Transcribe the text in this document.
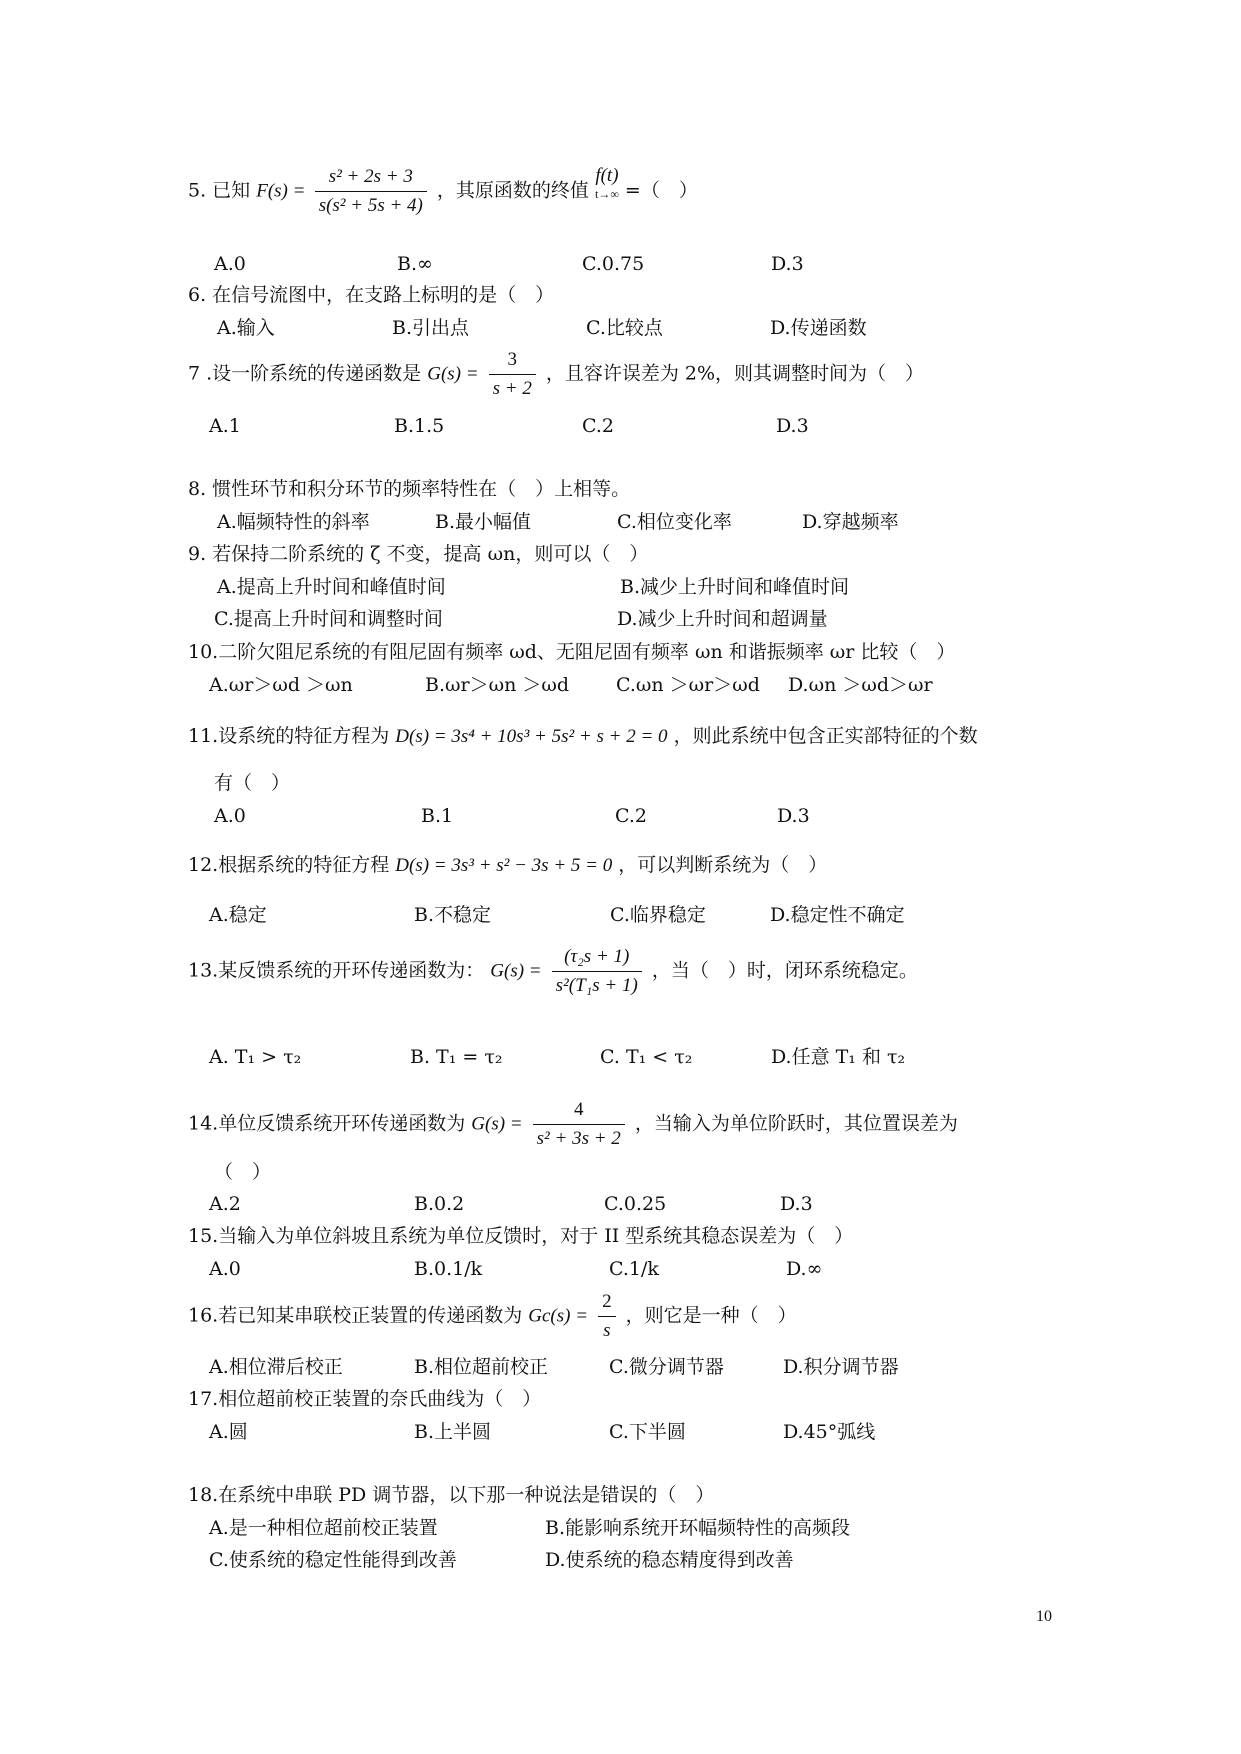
5. 已知 $F(s) = \frac{\text{s² + 2s + 3}}{\text{s(s² + 5s + 4)}}$ ，其原函数的终值 f(t)
t→∞ =（　）
A.0	B.∞	C.0.75	D.3
6. 在信号流图中，在支路上标明的是（　）
A.输入	B.引出点	C.比较点	D.传递函数
7 .设一阶系统的传递函数是 $G(s) = \frac{3}{s + 2}$ ，且容许误差为 2%，则其调整时间为（　）
A.1	B.1.5	C.2	D.3
8. 惯性环节和积分环节的频率特性在（　）上相等。
A.幅频特性的斜率	B.最小幅值	C.相位变化率	D.穿越频率
9. 若保持二阶系统的 ζ 不变，提高 ωn，则可以（　）
A.提高上升时间和峰值时间	B.减少上升时间和峰值时间
C.提高上升时间和调整时间	D.减少上升时间和超调量
10.二阶欠阻尼系统的有阻尼固有频率 ωd、无阻尼固有频率 ωn 和谐振频率 ωr 比较（　）
A.ωr＞ωd ＞ωn	B.ωr＞ωn ＞ωd C.ωn ＞ωr＞ωd D.ωn ＞ωd＞ωr
11.设系统的特征方程为 D(s) = 3s⁴ + 10s³ + 5s² + s + 2 = 0 ，则此系统中包含正实部特征的个数
有（　）
A.0	B.1	C.2	D.3
12.根据系统的特征方程 D(s) = 3s³ + s² − 3s + 5 = 0 ，可以判断系统为（　）
A.稳定	B.不稳定	C.临界稳定	D.稳定性不确定
13.某反馈系统的开环传递函数为： $G(s) = \frac{\text{(τ₂s + 1)}}{\text{s²(T₁s + 1)}}$ ，当（　）时，闭环系统稳定。
A. T₁ > τ₂	B. T₁ = τ₂	C. T₁ < τ₂	D.任意 T₁ 和 τ₂
14.单位反馈系统开环传递函数为 $G(s) = \frac{4}{\text{s² + 3s + 2}}$ ，当输入为单位阶跃时，其位置误差为
（　）
A.2	B.0.2	C.0.25	D.3
15.当输入为单位斜坡且系统为单位反馈时，对于 II 型系统其稳态误差为（　）
A.0	B.0.1/k	C.1/k	D.∞
16.若已知某串联校正装置的传递函数为 $Gc(s) = \frac{2}{s}$ ，则它是一种（　）
A.相位滞后校正	B.相位超前校正	C.微分调节器	D.积分调节器
17.相位超前校正装置的奈氏曲线为（　）
A.圆	B.上半圆	C.下半圆	D.45°弧线
18.在系统中串联 PD 调节器，以下那一种说法是错误的（　）
A.是一种相位超前校正装置	B.能影响系统开环幅频特性的高频段
C.使系统的稳定性能得到改善	D.使系统的稳态精度得到改善
10
